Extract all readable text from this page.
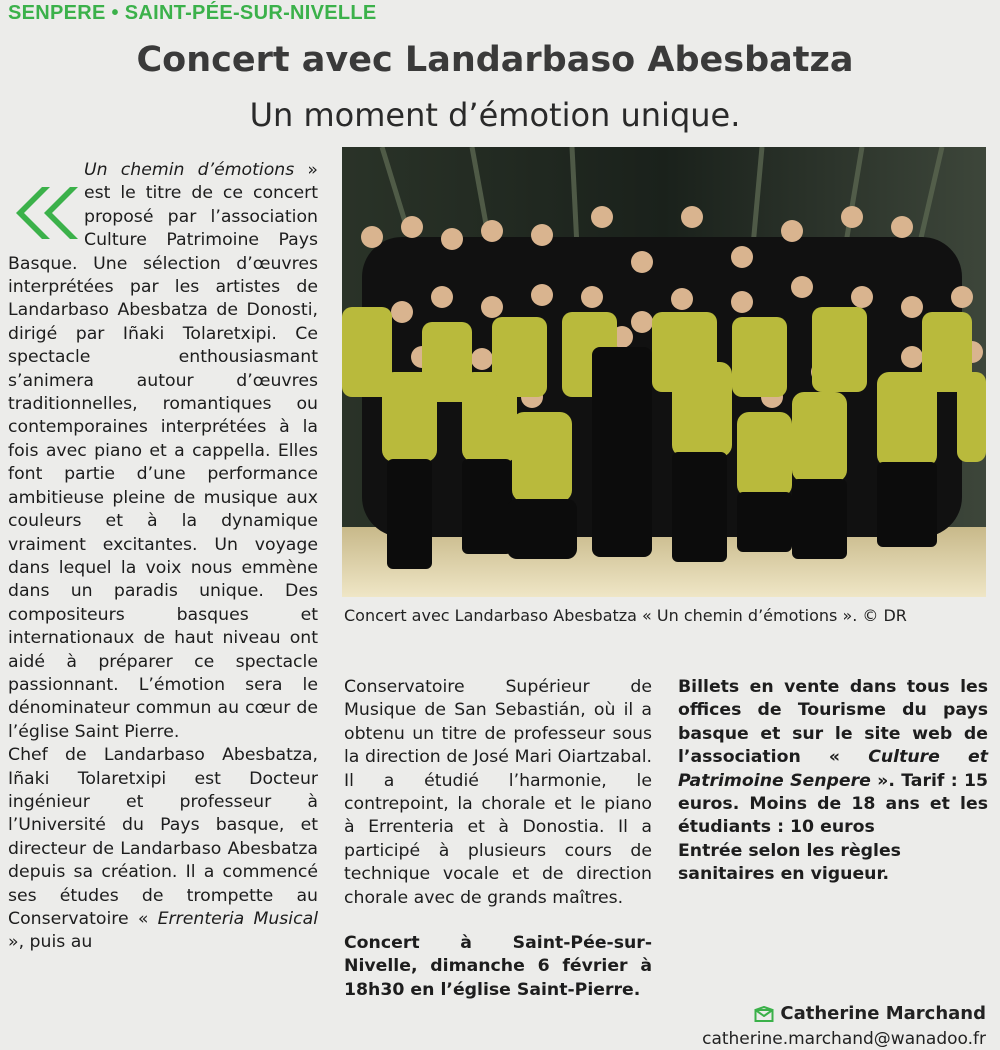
SENPERE • SAINT-PÉE-SUR-NIVELLE
Concert avec Landarbaso Abesbatza
Un moment d’émotion unique.

Un chemin d’émotions » est le titre de ce concert proposé par l’association Culture Patrimoine Pays Basque. Une sélection d’œuvres interprétées par les artistes de Landarbaso Abesbatza de Donosti, dirigé par Iñaki Tolaretxipi. Ce spectacle enthousiasmant s’animera autour d’œuvres traditionnelles, romantiques ou contemporaines interprétées à la fois avec piano et a cappella. Elles font partie d’une performance ambitieuse pleine de musique aux couleurs et à la dynamique vraiment excitantes. Un voyage dans lequel la voix nous emmène dans un paradis unique. Des compositeurs basques et internationaux de haut niveau ont aidé à préparer ce spectacle passionnant. L’émotion sera le dénominateur commun au cœur de l’église Saint Pierre.

Chef de Landarbaso Abesbatza, Iñaki Tolaretxipi est Docteur ingénieur et professeur à l’Université du Pays basque, et directeur de Landarbaso Abesbatza depuis sa création. Il a commencé ses études de trompette au Conservatoire « Errenteria Musical », puis au

Concert avec Landarbaso Abesbatza « Un chemin d’émotions ». © DR

Conservatoire Supérieur de Musique de San Sebastián, où il a obtenu un titre de professeur sous la direction de José Mari Oiartzabal. Il a étudié l’harmonie, le contrepoint, la chorale et le piano à Errenteria et à Donostia. Il a participé à plusieurs cours de technique vocale et de direction chorale avec de grands maîtres.

Concert à Saint-Pée-sur-Nivelle, dimanche 6 février à 18h30 en l’église Saint-Pierre.

Billets en vente dans tous les offices de Tourisme du pays basque et sur le site web de l’association « Culture et Patrimoine Senpere ». Tarif : 15 euros. Moins de 18 ans et les étudiants : 10 euros

Entrée selon les règles sanitaires en vigueur.

Catherine Marchand
catherine.marchand@wanadoo.fr
